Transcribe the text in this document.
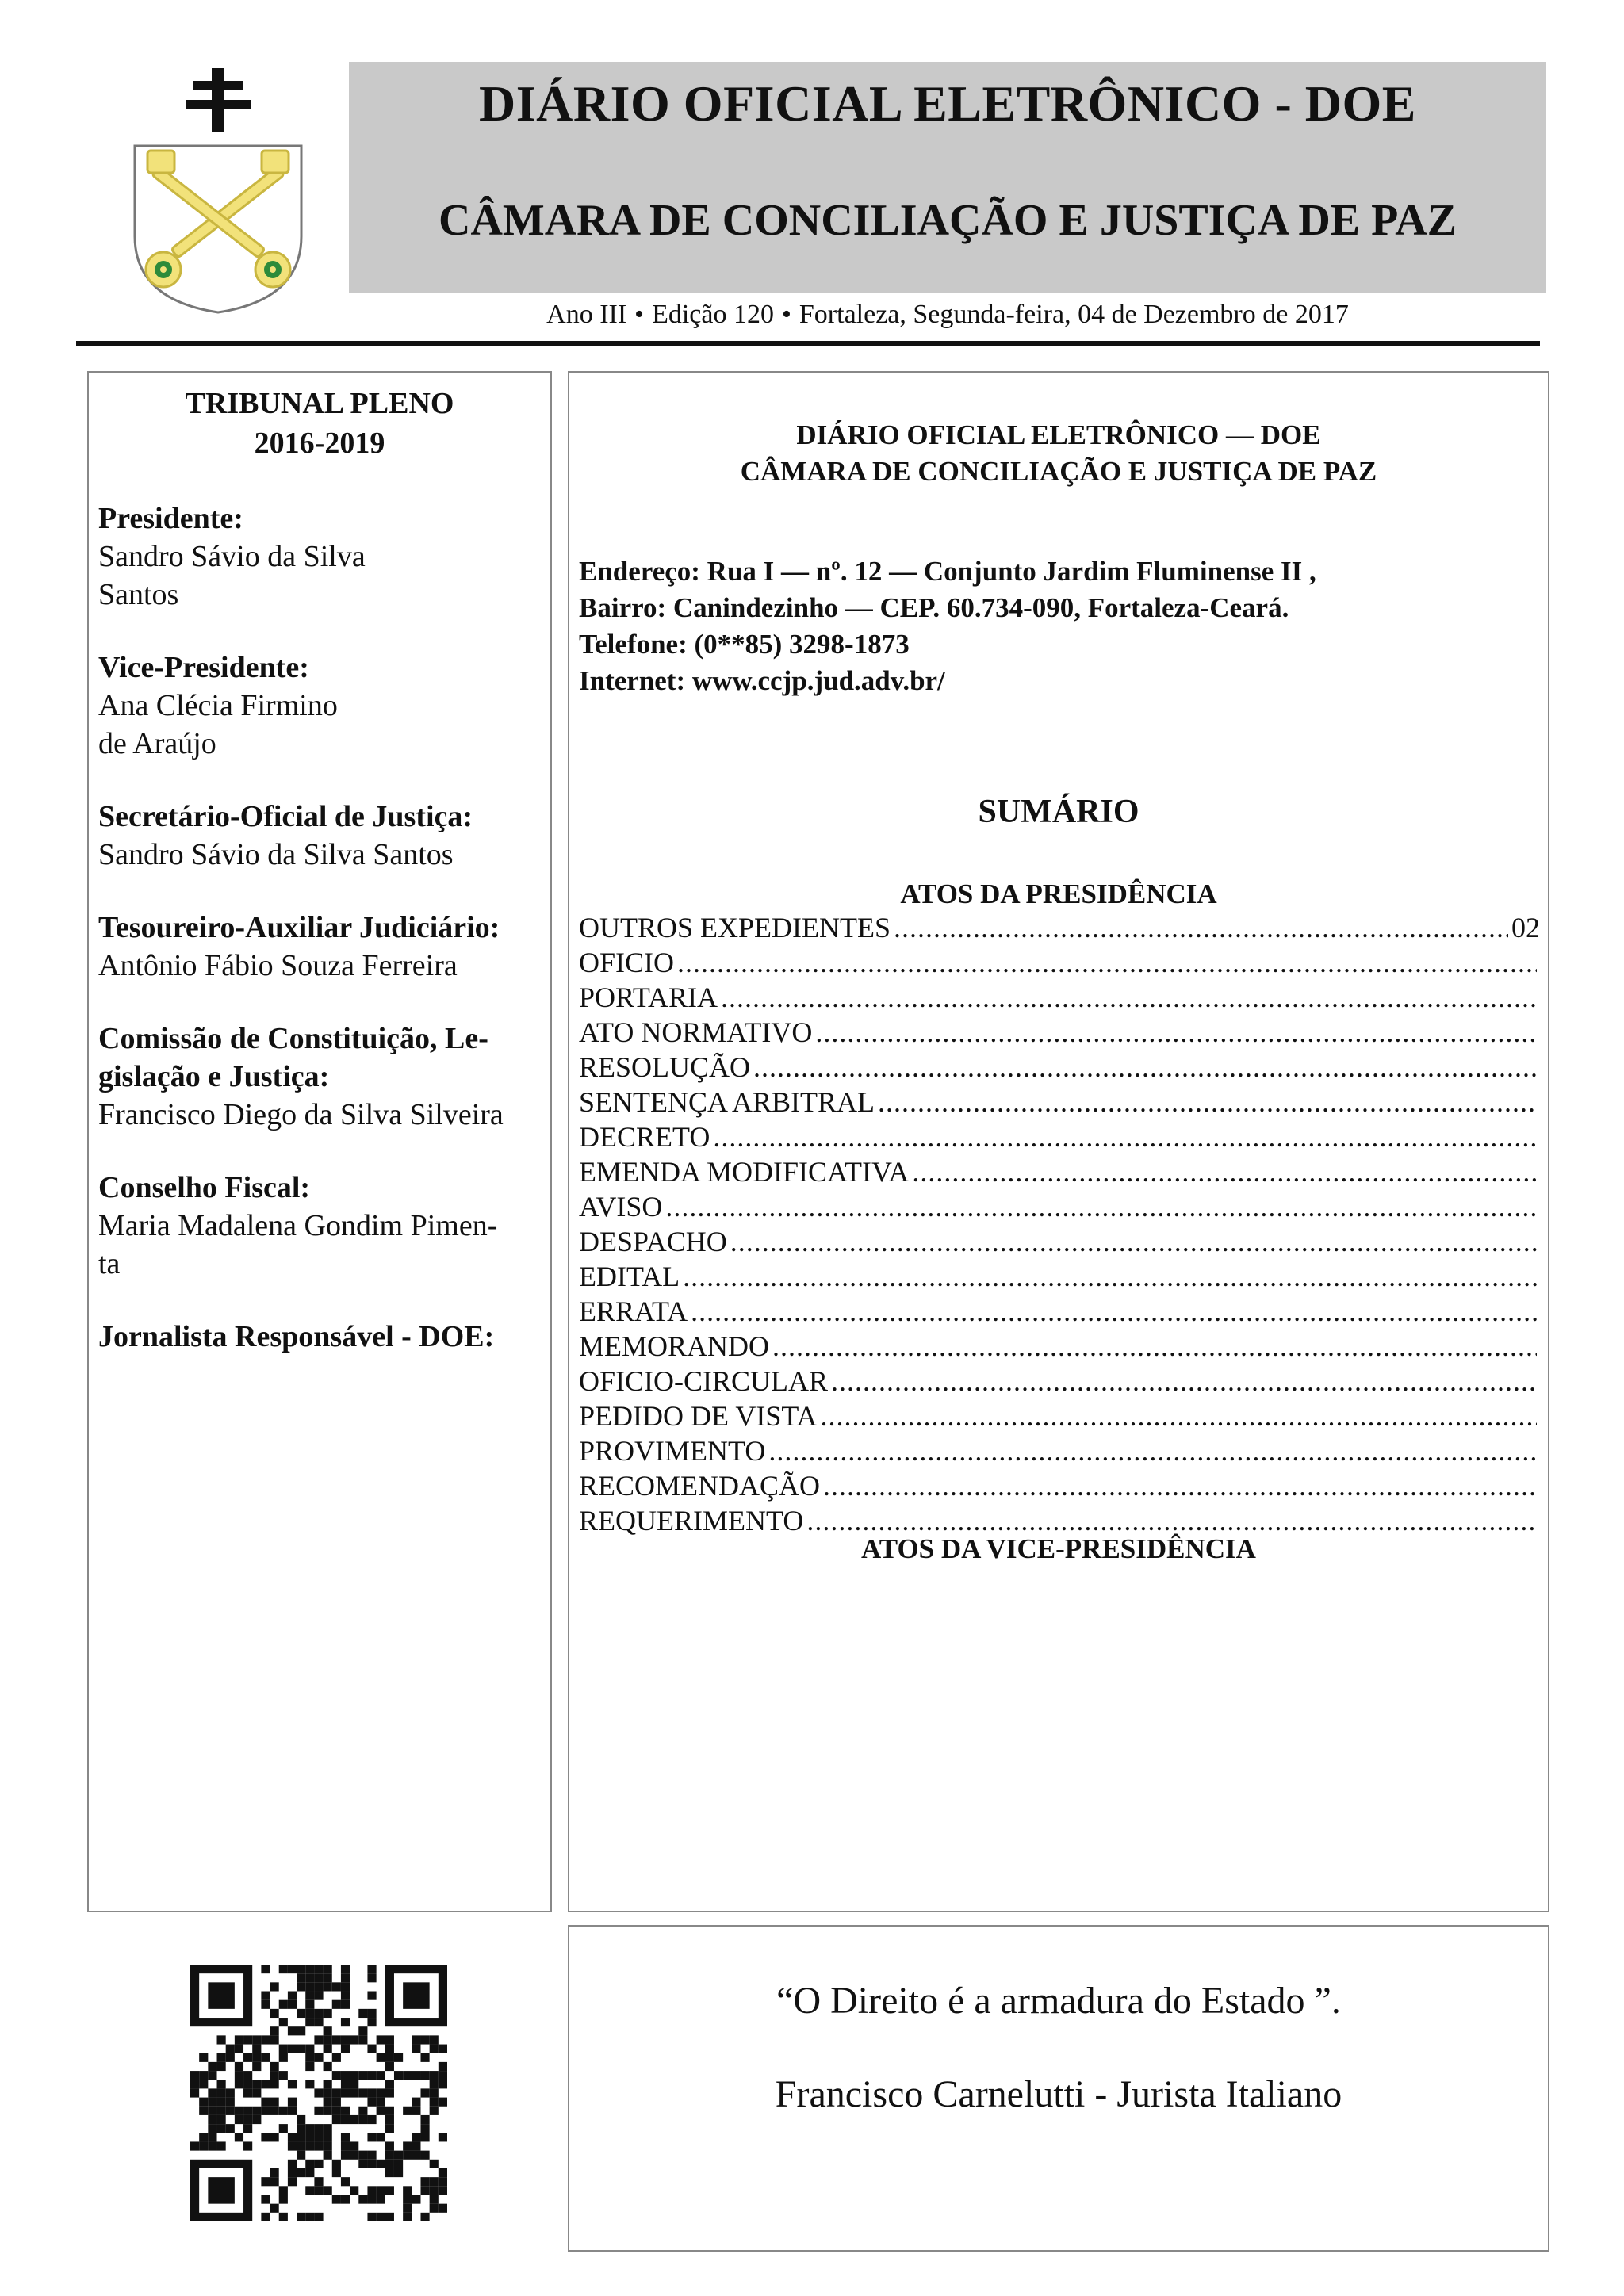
DIÁRIO OFICIAL ELETRÔNICO - DOE
CÂMARA DE CONCILIAÇÃO E JUSTIÇA DE PAZ
Ano III • Edição 120 • Fortaleza, Segunda-feira, 04 de Dezembro de 2017
TRIBUNAL PLENO
2016-2019
Presidente:
Sandro Sávio da Silva
Santos
Vice-Presidente:
Ana Clécia Firmino
de Araújo
Secretário-Oficial de Justiça:
Sandro Sávio da Silva Santos
Tesoureiro-Auxiliar Judiciário:
Antônio Fábio Souza Ferreira
Comissão de Constituição, Le-
gislação e Justiça:
Francisco Diego da Silva Silveira
Conselho Fiscal:
Maria Madalena Gondim Pimen-
ta
Jornalista Responsável - DOE:
DIÁRIO OFICIAL ELETRÔNICO — DOE
CÂMARA DE CONCILIAÇÃO E JUSTIÇA DE PAZ
Endereço: Rua I — nº. 12 — Conjunto Jardim Fluminense II ,
Bairro: Canindezinho — CEP. 60.734-090, Fortaleza-Ceará.
Telefone: (0**85) 3298-1873
Internet: www.ccjp.jud.adv.br/
SUMÁRIO
ATOS DA PRESIDÊNCIA
OUTROS EXPEDIENTES
.....	02
OFICIO
.....
PORTARIA
.....
ATO NORMATIVO
.....
RESOLUÇÃO
.....
SENTENÇA ARBITRAL
.....
DECRETO
.....
EMENDA MODIFICATIVA
.....
AVISO
.....
DESPACHO
.....
EDITAL
.....
ERRATA
.....
MEMORANDO
.....
OFICIO-CIRCULAR
.....
PEDIDO DE VISTA
.....
PROVIMENTO
.....
RECOMENDAÇÃO
.....
REQUERIMENTO
.....
ATOS DA VICE-PRESIDÊNCIA
“O Direito é a armadura do Estado ”.
Francisco Carnelutti - Jurista Italiano
